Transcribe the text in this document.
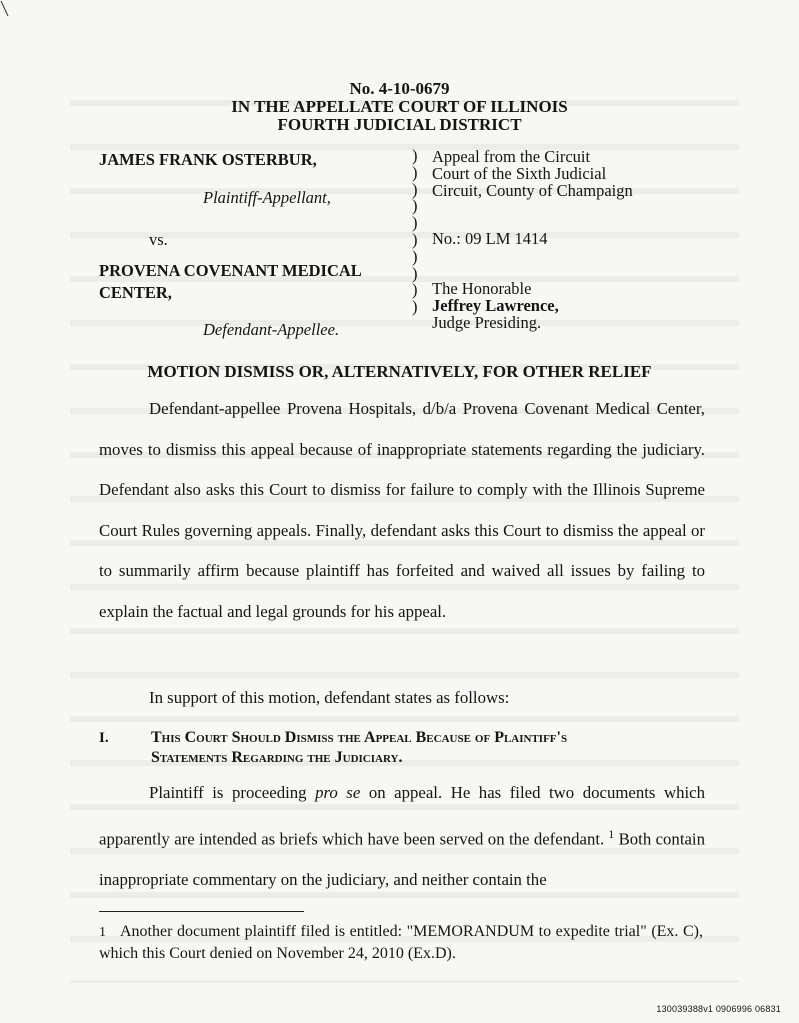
No. 4-10-0679
IN THE APPELLATE COURT OF ILLINOIS
FOURTH JUDICIAL DISTRICT
JAMES FRANK OSTERBUR,
Plaintiff-Appellant,
vs.
PROVENA COVENANT MEDICAL
CENTER,
Defendant-Appellee.
)
)
)
)
)
)
)
)
)
)
Appeal from the Circuit
Court of the Sixth Judicial
Circuit, County of Champaign
No.: 09 LM 1414
The Honorable
Jeffrey Lawrence,
Judge Presiding.
MOTION DISMISS OR, ALTERNATIVELY, FOR OTHER RELIEF
Defendant-appellee Provena Hospitals, d/b/a Provena Covenant Medical Center, moves to dismiss this appeal because of inappropriate statements regarding the judiciary. Defendant also asks this Court to dismiss for failure to comply with the Illinois Supreme Court Rules governing appeals. Finally, defendant asks this Court to dismiss the appeal or to summarily affirm because plaintiff has forfeited and waived all issues by failing to explain the factual and legal grounds for his appeal.
In support of this motion, defendant states as follows:
I.	This Court Should Dismiss the Appeal Because of Plaintiff's
Statements Regarding the Judiciary.
Plaintiff is proceeding pro se on appeal. He has filed two documents which apparently are intended as briefs which have been served on the defendant. $^1$ Both contain inappropriate commentary on the judiciary, and neither contain the
1 Another document plaintiff filed is entitled: "MEMORANDUM to expedite trial" (Ex. C), which this Court denied on November 24, 2010 (Ex.D).
130039388v1 0906996 06831
